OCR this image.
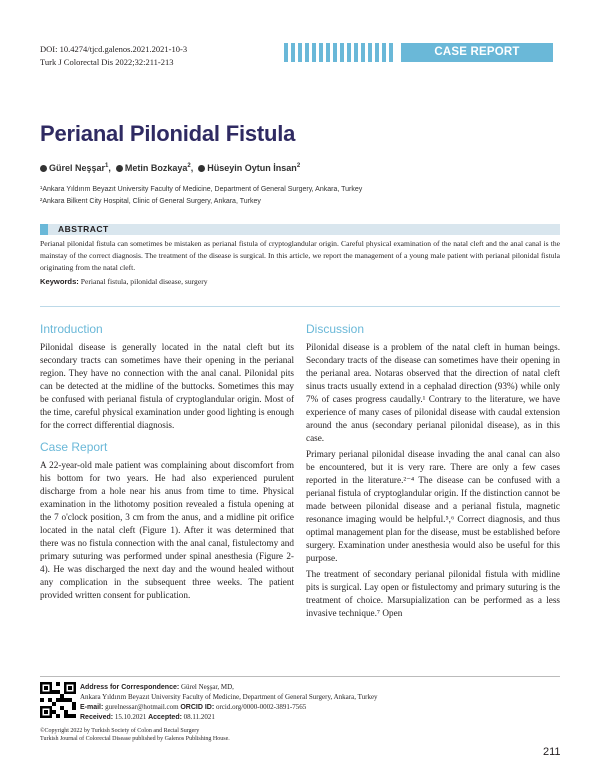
DOI: 10.4274/tjcd.galenos.2021.2021-10-3
Turk J Colorectal Dis 2022;32:211-213
CASE REPORT
Perianal Pilonidal Fistula
Gürel Neşşar$^1$,	Metin Bozkaya$^2$,	Hüseyin Oytun İnsan$^2$
¹Ankara Yıldırım Beyazıt University Faculty of Medicine, Department of General Surgery, Ankara, Turkey
²Ankara Bilkent City Hospital, Clinic of General Surgery, Ankara, Turkey
ABSTRACT
Perianal pilonidal fistula can sometimes be mistaken as perianal fistula of cryptoglandular origin. Careful physical examination of the natal cleft and the anal canal is the mainstay of the correct diagnosis. The treatment of the disease is surgical. In this article, we report the management of a young male patient with perianal pilonidal fistula originating from the natal cleft.
Keywords: Perianal fistula, pilonidal disease, surgery
Introduction
Pilonidal disease is generally located in the natal cleft but its secondary tracts can sometimes have their opening in the perianal region. They have no connection with the anal canal. Pilonidal pits can be detected at the midline of the buttocks. Sometimes this may be confused with perianal fistula of cryptoglandular origin. Most of the time, careful physical examination under good lighting is enough for the correct differential diagnosis.
Case Report
A 22-year-old male patient was complaining about discomfort from his bottom for two years. He had also experienced purulent discharge from a hole near his anus from time to time. Physical examination in the lithotomy position revealed a fistula opening at the 7 o'clock position, 3 cm from the anus, and a midline pit orifice located in the natal cleft (Figure 1). After it was determined that there was no fistula connection with the anal canal, fistulectomy and primary suturing was performed under spinal anesthesia (Figure 2-4). He was discharged the next day and the wound healed without any complication in the subsequent three weeks. The patient provided written consent for publication.
Discussion

Pilonidal disease is a problem of the natal cleft in human beings. Secondary tracts of the disease can sometimes have their opening in the perianal area. Notaras observed that the direction of natal cleft sinus tracts usually extend in a cephalad direction (93%) while only 7% of cases progress caudally.¹ Contrary to the literature, we have experience of many cases of pilonidal disease with caudal extension around the anus (secondary perianal pilonidal disease), as in this case.

Primary perianal pilonidal disease invading the anal canal can also be encountered, but it is very rare. There are only a few cases reported in the literature.²⁻⁴ The disease can be confused with a perianal fistula of cryptoglandular origin. If the distinction cannot be made between pilonidal disease and a perianal fistula, magnetic resonance imaging would be helpful.⁵,⁶ Correct diagnosis, and thus optimal management plan for the disease, must be established before surgery. Examination under anesthesia would also be useful for this purpose.

The treatment of secondary perianal pilonidal fistula with midline pits is surgical. Lay open or fistulectomy and primary suturing is the treatment of choice. Marsupialization can be performed as a less invasive technique.⁷ Open

Address for Correspondence: Gürel Neşşar, MD,
Ankara Yıldırım Beyazıt University Faculty of Medicine, Department of General Surgery, Ankara, Turkey
E-mail: gurelnessar@hotmail.com ORCID ID: orcid.org/0000-0002-3891-7565
Received: 15.10.2021 Accepted: 08.11.2021
©Copyright 2022 by Turkish Society of Colon and Rectal Surgery
Turkish Journal of Colorectal Disease published by Galenos Publishing House.
211
